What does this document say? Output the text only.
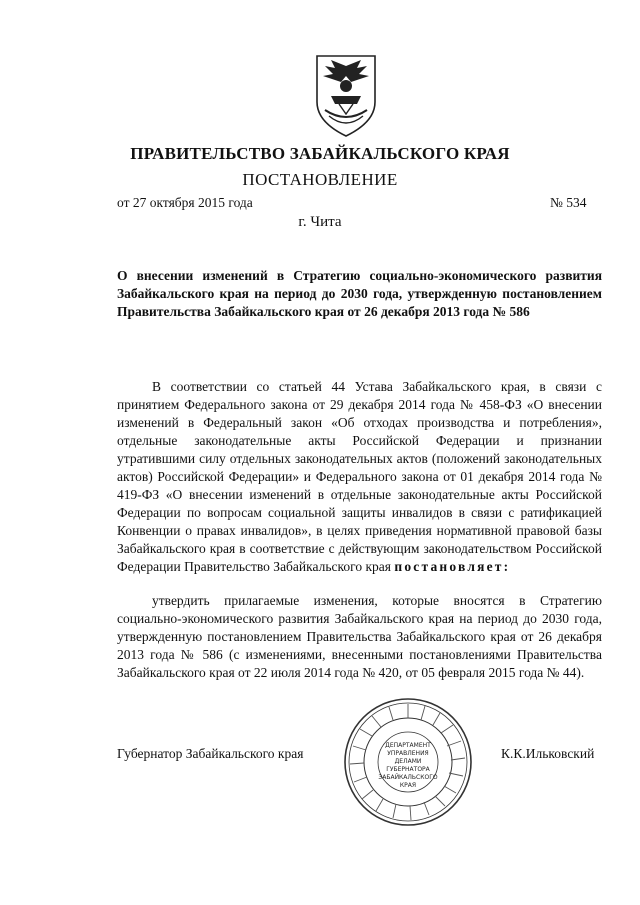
ПРАВИТЕЛЬСТВО ЗАБАЙКАЛЬСКОГО КРАЯ
ПОСТАНОВЛЕНИЕ
от 27 октября 2015 года	№ 534
г. Чита
О внесении изменений в Стратегию социально-экономического развития Забайкальского края на период до 2030 года, утвержденную постановлением Правительства Забайкальского края от 26 декабря 2013 года № 586

В соответствии со статьей 44 Устава Забайкальского края, в связи с принятием Федерального закона от 29 декабря 2014 года № 458-ФЗ «О внесении изменений в Федеральный закон «Об отходах производства и потребления», отдельные законодательные акты Российской Федерации и признании утратившими силу отдельных законодательных актов (положений законодательных актов) Российской Федерации» и Федерального закона от 01 декабря 2014 года № 419-ФЗ «О внесении изменений в отдельные законодательные акты Российской Федерации по вопросам социальной защиты инвалидов в связи с ратификацией Конвенции о правах инвалидов», в целях приведения нормативной правовой базы Забайкальского края в соответствие с действующим законодательством Российской Федерации Правительство Забайкальского края постановляет:

утвердить прилагаемые изменения, которые вносятся в Стратегию социально-экономического развития Забайкальского края на период до 2030 года, утвержденную постановлением Правительства Забайкальского края от 26 декабря 2013 года № 586 (с изменениями, внесенными постановлениями Правительства Забайкальского края от 22 июля 2014 года № 420, от 05 февраля 2015 года № 44).

Губернатор Забайкальского края	К.К.Ильковский
ДЕПАРТАМЕНТ
УПРАВЛЕНИЯ
ДЕЛАМИ
ГУБЕРНАТОРА
ЗАБАЙКАЛЬСКОГО
КРАЯ
